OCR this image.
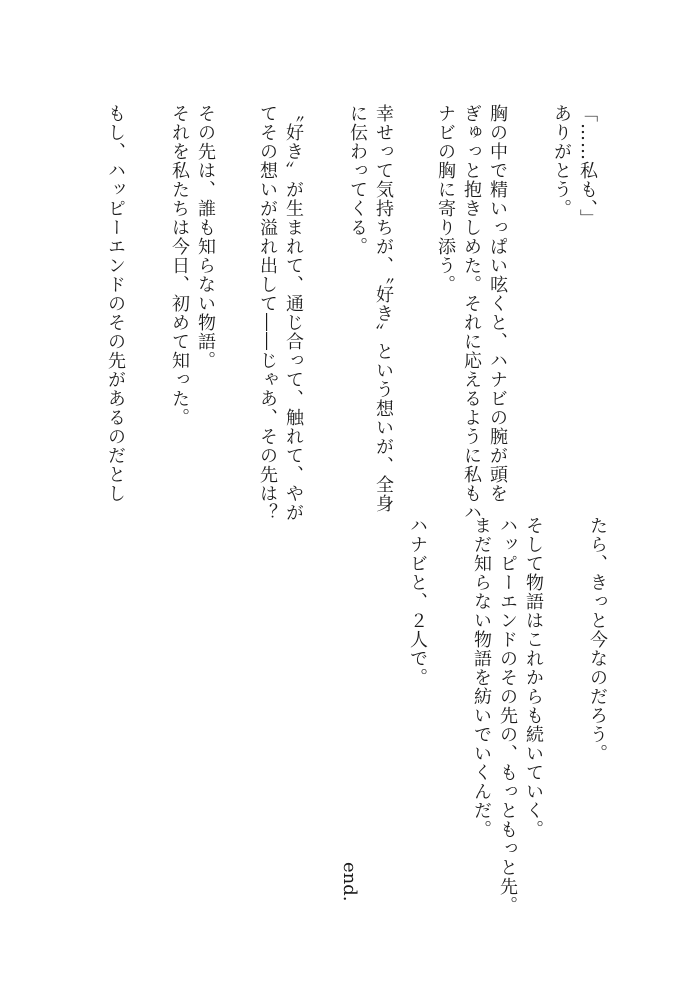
「……私も、」
ありがとう。
胸の中で精いっぱい呟くと、ハナビの腕が頭を
ぎゅっと抱きしめた。それに応えるように私もハ
ナビの胸に寄り添う。
幸せって気持ちが、〝好き〟という想いが、全身
に伝わってくる。
〝好き〟が生まれて、通じ合って、触れて、やが
てその想いが溢れ出して――じゃあ、その先は？
その先は、誰も知らない物語。
それを私たちは今日、初めて知った。
もし、ハッピーエンドのその先があるのだとし
たら、きっと今なのだろう。
そして物語はこれからも続いていく。
ハッピーエンドのその先の、もっともっと先。
まだ知らない物語を紡いでいくんだ。
ハナビと、２人で。
end.
